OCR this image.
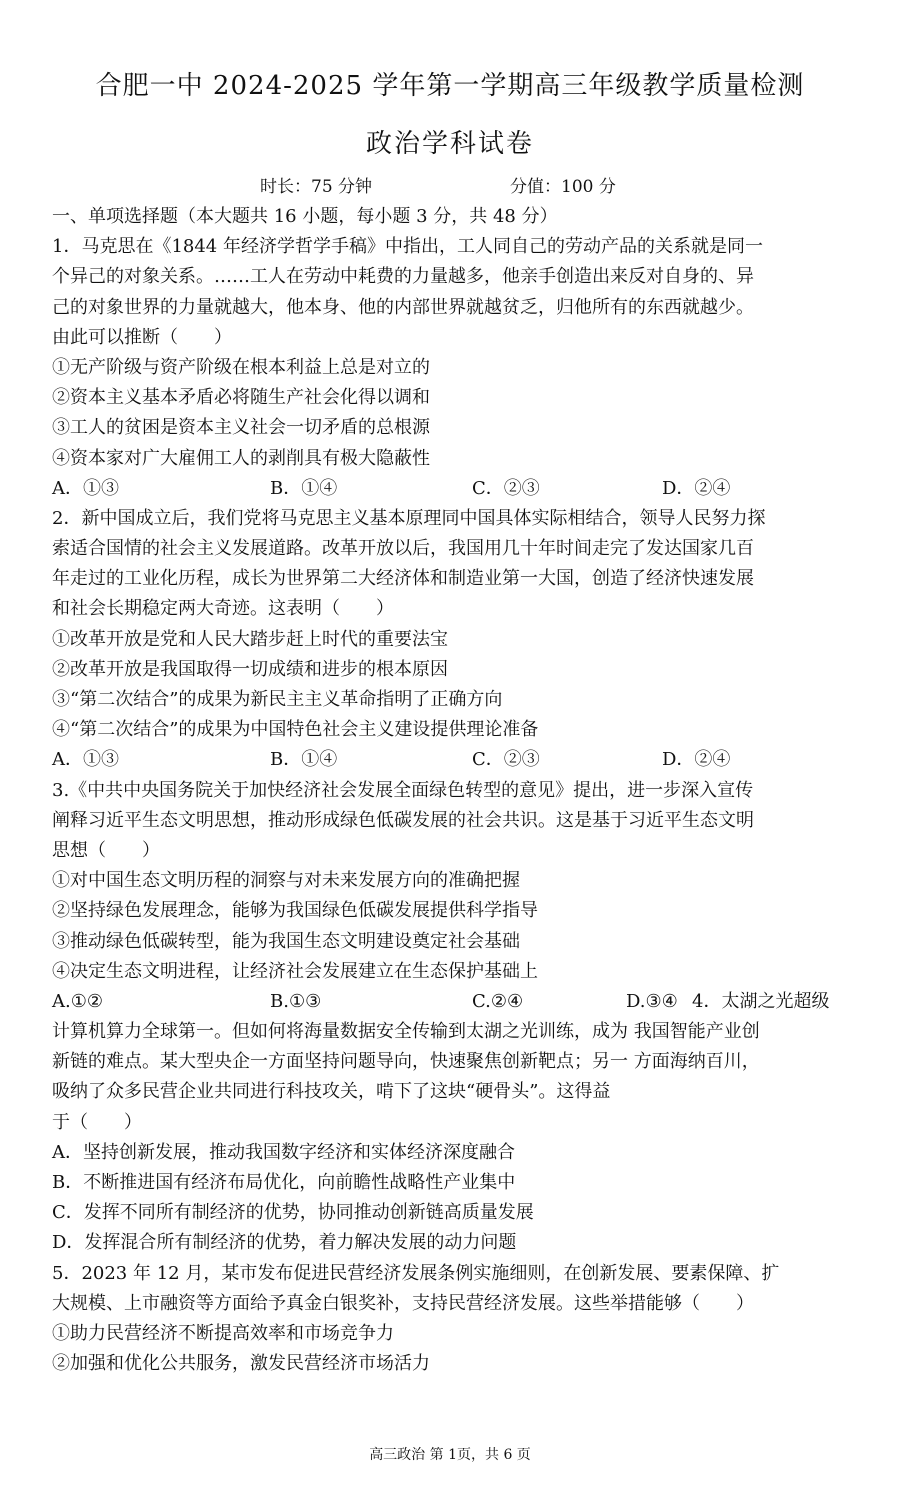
合肥一中 2024-2025 学年第一学期高三年级教学质量检测
政治学科试卷
时长：75 分钟	分值：100 分
一、单项选择题（本大题共 16 小题，每小题 3 分，共 48 分）
1．马克思在《1844 年经济学哲学手稿》中指出，工人同自己的劳动产品的关系就是同一
个异己的对象关系。……工人在劳动中耗费的力量越多，他亲手创造出来反对自身的、异
己的对象世界的力量就越大，他本身、他的内部世界就越贫乏，归他所有的东西就越少。
由此可以推断（　　）
①无产阶级与资产阶级在根本利益上总是对立的
②资本主义基本矛盾必将随生产社会化得以调和
③工人的贫困是资本主义社会一切矛盾的总根源
④资本家对广大雇佣工人的剥削具有极大隐蔽性
A．①③	B．①④	C．②③	D．②④
2．新中国成立后，我们党将马克思主义基本原理同中国具体实际相结合，领导人民努力探
索适合国情的社会主义发展道路。改革开放以后，我国用几十年时间走完了发达国家几百
年走过的工业化历程，成长为世界第二大经济体和制造业第一大国，创造了经济快速发展
和社会长期稳定两大奇迹。这表明（　　）
①改革开放是党和人民大踏步赶上时代的重要法宝
②改革开放是我国取得一切成绩和进步的根本原因
③“第二次结合”的成果为新民主主义革命指明了正确方向
④“第二次结合”的成果为中国特色社会主义建设提供理论准备
A．①③	B．①④	C．②③	D．②④
3.《中共中央国务院关于加快经济社会发展全面绿色转型的意见》提出，进一步深入宣传
阐释习近平生态文明思想，推动形成绿色低碳发展的社会共识。这是基于习近平生态文明
思想（　　）
①对中国生态文明历程的洞察与对未来发展方向的准确把握
②坚持绿色发展理念，能够为我国绿色低碳发展提供科学指导
③推动绿色低碳转型，能为我国生态文明建设奠定社会基础
④决定生态文明进程，让经济社会发展建立在生态保护基础上
A.①②	B.①③	C.②④	D.③④ 4．太湖之光超级
计算机算力全球第一。但如何将海量数据安全传输到太湖之光训练，成为 我国智能产业创
新链的难点。某大型央企一方面坚持问题导向，快速聚焦创新靶点；另一 方面海纳百川，
吸纳了众多民营企业共同进行科技攻关，啃下了这块“硬骨头”。这得益
于（　　）
A．坚持创新发展，推动我国数字经济和实体经济深度融合
B．不断推进国有经济布局优化，向前瞻性战略性产业集中
C．发挥不同所有制经济的优势，协同推动创新链高质量发展
D．发挥混合所有制经济的优势，着力解决发展的动力问题
5．2023 年 12 月，某市发布促进民营经济发展条例实施细则，在创新发展、要素保障、扩
大规模、上市融资等方面给予真金白银奖补，支持民营经济发展。这些举措能够（　　）
①助力民营经济不断提高效率和市场竞争力
②加强和优化公共服务，激发民营经济市场活力
高三政治 第 1页，共 6 页
